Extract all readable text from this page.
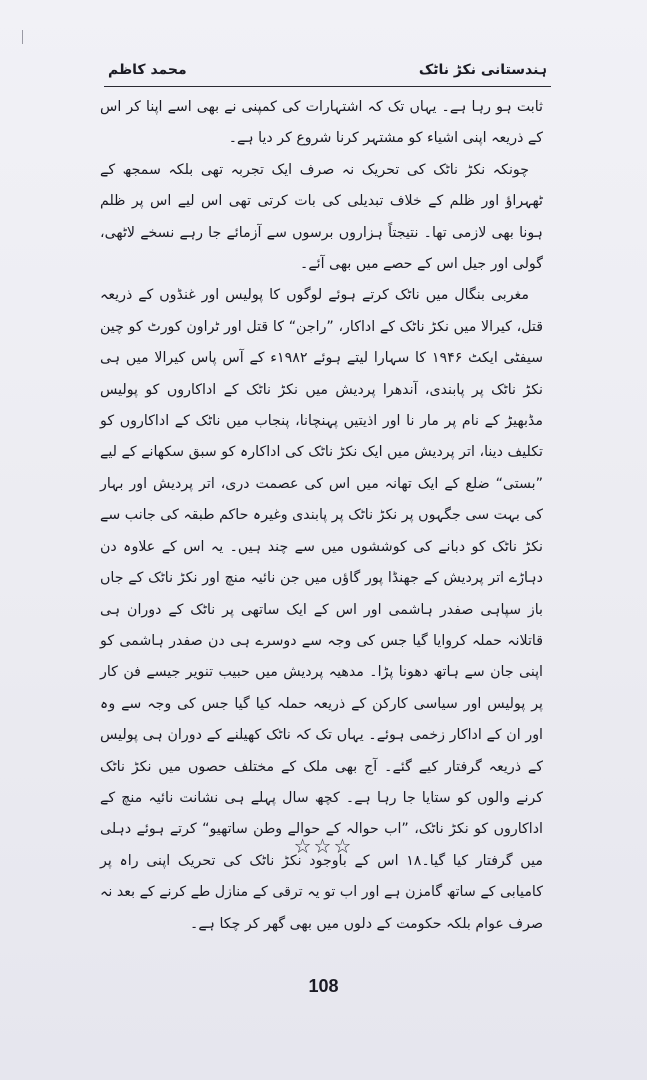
محمد کاظم	ہندستانی نکڑ ناٹک

ثابت ہو رہا ہے۔ یہاں تک کہ اشتہارات کی کمپنی نے بھی اسے اپنا کر اس کے ذریعہ اپنی اشیاء کو مشتہر کرنا شروع کر دیا ہے۔

چونکہ نکڑ ناٹک کی تحریک نہ صرف ایک تجربہ تھی بلکہ سمجھ کے ٹھہراؤ اور ظلم کے خلاف تبدیلی کی بات کرتی تھی اس لیے اس پر ظلم ہونا بھی لازمی تھا۔ نتیجتاً ہزاروں برسوں سے آزمائے جا رہے نسخے لاٹھی، گولی اور جیل اس کے حصے میں بھی آئے۔

مغربی بنگال میں ناٹک کرتے ہوئے لوگوں کا پولیس اور غنڈوں کے ذریعہ قتل، کیرالا میں نکڑ ناٹک کے اداکار، ”راجن“ کا قتل اور ٹراون کورٹ کو چین سیفٹی ایکٹ ۱۹۴۶ کا سہارا لیتے ہوئے ۱۹۸۲ء کے آس پاس کیرالا میں ہی نکڑ ناٹک پر پابندی، آندھرا پردیش میں نکڑ ناٹک کے اداکاروں کو پولیس مڈبھیڑ کے نام پر مار نا اور اذیتیں پہنچانا، پنجاب میں ناٹک کے اداکاروں کو تکلیف دینا، اتر پردیش میں ایک نکڑ ناٹک کی اداکارہ کو سبق سکھانے کے لیے ”بستی“ ضلع کے ایک تھانہ میں اس کی عصمت دری، اتر پردیش اور بہار کی بہت سی جگہوں پر نکڑ ناٹک پر پابندی وغیرہ حاکم طبقہ کی جانب سے نکڑ ناٹک کو دبانے کی کوششوں میں سے چند ہیں۔ یہ اس کے علاوہ دن دہاڑے اتر پردیش کے جھنڈا پور گاؤں میں جن نائیہ منچ اور نکڑ ناٹک کے جاں باز سپاہی صفدر ہاشمی اور اس کے ایک ساتھی پر ناٹک کے دوران ہی قاتلانہ حملہ کروایا گیا جس کی وجہ سے دوسرے ہی دن صفدر ہاشمی کو اپنی جان سے ہاتھ دھونا پڑا۔ مدھیہ پردیش میں حبیب تنویر جیسے فن کار پر پولیس اور سیاسی کارکن کے ذریعہ حملہ کیا گیا جس کی وجہ سے وہ اور ان کے اداکار زخمی ہوئے۔ یہاں تک کہ ناٹک کھیلنے کے دوران ہی پولیس کے ذریعہ گرفتار کیے گئے۔ آج بھی ملک کے مختلف حصوں میں نکڑ ناٹک کرنے والوں کو ستایا جا رہا ہے۔ کچھ سال پہلے ہی نشانت نائیہ منچ کے اداکاروں کو نکڑ ناٹک، ”اب حوالہ کے حوالے وطن ساتھیو“ کرتے ہوئے دہلی میں گرفتار کیا گیا۔۱۸ اس کے باوجود نکڑ ناٹک کی تحریک اپنی راہ پر کامیابی کے ساتھ گامزن ہے اور اب تو یہ ترقی کے منازل طے کرنے کے بعد نہ صرف عوام بلکہ حکومت کے دلوں میں بھی گھر کر چکا ہے۔

☆☆☆
108
